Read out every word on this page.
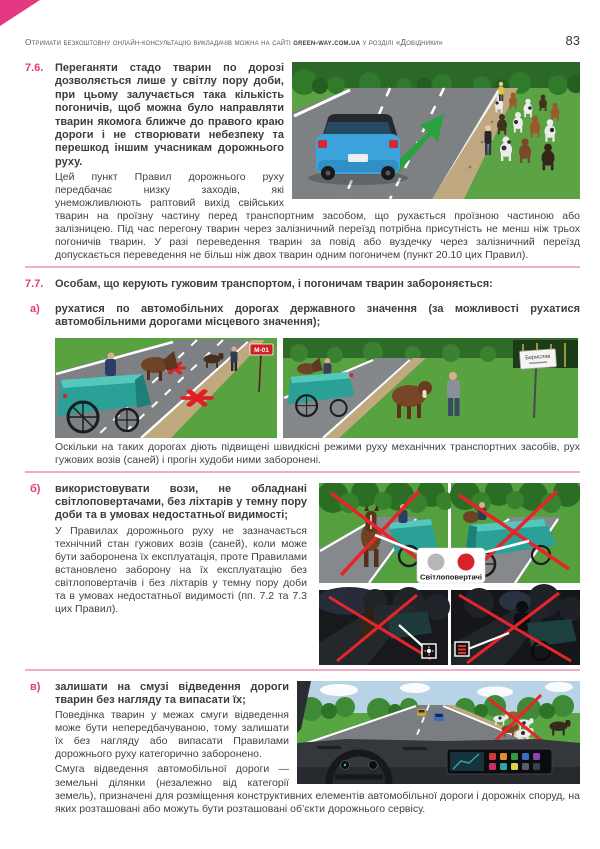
Отримати безкоштовну онлайн-консультацію викладачів можна на сайті green-way.com.ua у розділі «Довідники»	83
7.6. Переганяти стадо тварин по дорозі дозволяється лише у світлу пору доби, при цьому залучається така кількість погоничів, щоб можна було направляти тварин якомога ближче до правого краю дороги і не створювати небезпеку та перешкод іншим учасникам дорожнього руху.

Цей пункт Правил дорожнього руху передбачає низку заходів, які унеможливлюють раптовий вихід свійських тварин на проїзну частину перед транспортним засобом, що рухається проїзною частиною або залізницею. Під час перегону тварин через залізничний переїзд потрібна присутність не менш ніж трьох погоничів тварин. У разі переведення тварин за повід або вуздечку через залізничний переїзд допускається переведення не більш ніж двох тварин одним погоничем (пункт 20.10 цих Правил).

7.7. Особам, що керують гужовим транспортом, і погоничам тварин забороняється:

а) рухатися по автомобільних дорогах державного значення (за можливості рухатися автомобільними дорогами місцевого значення);

М-01
Берислав

Оскільки на таких дорогах діють підвищені швидкісні режими руху механічних транспортних засобів, рух гужових возів (саней) і прогін худоби ними заборонені.

б)
Світлоповертачі

використовувати вози, не обладнані світлоповертачами, без ліхтарів у темну пору доби та в умовах недостатньої видимості;

У Правилах дорожнього руху не зазначається технічний стан гужових возів (саней), коли може бути заборонена їх експлуатація, проте Правилами встановлено заборону на їх експлуатацію без світлоповертачів і без ліхтарів у темну пору доби та в умовах недостатньої видимості (пп. 7.2 та 7.3 цих Правил).

в) залишати на смузі відведення дороги тварин без нагляду та випасати їх;

Поведінка тварин у межах смуги відведення може бути непередбачуваною, тому залишати їх без нагляду або випасати Правилами дорожнього руху категорично заборонено.

Смуга відведення автомобільної дороги — земельні ділянки (незалежно від категорії земель), призначені для розміщення конструктивних елементів автомобільної дороги і дорожніх споруд, на яких розташовані або можуть бути розташовані об’єкти дорожнього сервісу.
